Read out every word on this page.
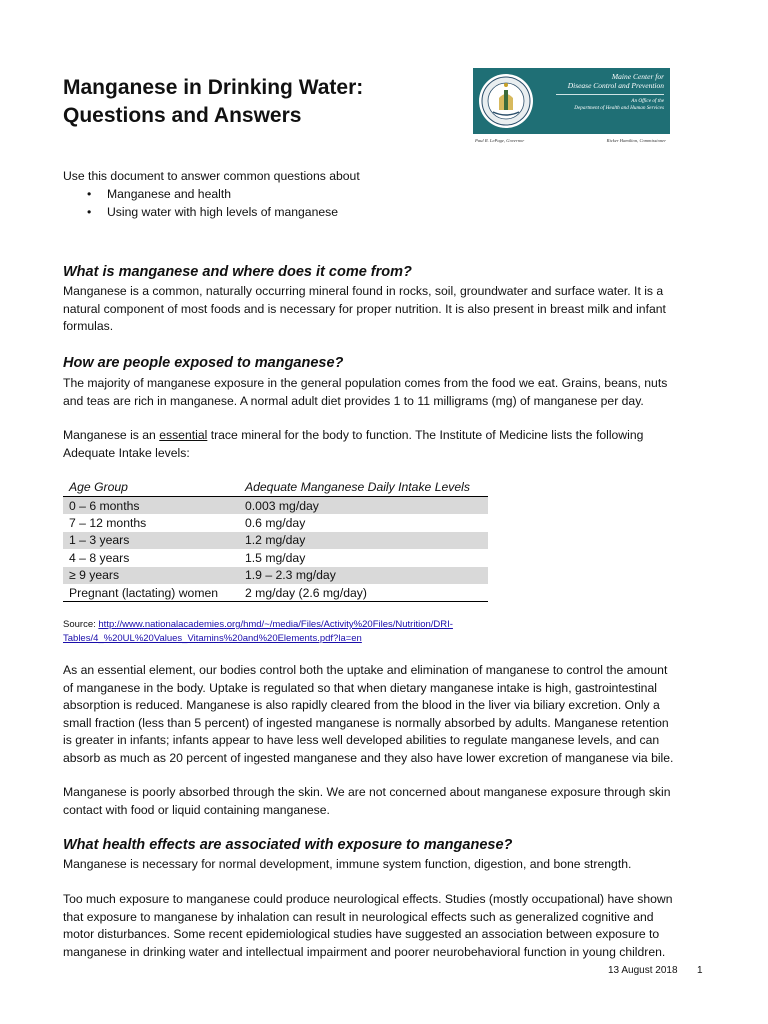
Manganese in Drinking Water:
Questions and Answers
Maine Center for
Disease Control and Prevention
An Office of the
Department of Health and Human Services
Paul R. LePage, Governor	Ricker Hamilton, Commissioner

Use this document to answer common questions about

• Manganese and health
• Using water with high levels of manganese
What is manganese and where does it come from?
Manganese is a common, naturally occurring mineral found in rocks, soil, groundwater and surface water. It is a
natural component of most foods and is necessary for proper nutrition. It is also present in breast milk and infant
formulas.
How are people exposed to manganese?
The majority of manganese exposure in the general population comes from the food we eat. Grains, beans, nuts
and teas are rich in manganese. A normal adult diet provides 1 to 11 milligrams (mg) of manganese per day.
Manganese is an essential trace mineral for the body to function. The Institute of Medicine lists the following
Adequate Intake levels:
Age Group	Adequate Manganese Daily Intake Levels
0 – 6 months	0.003 mg/day
7 – 12 months	0.6 mg/day
1 – 3 years	1.2 mg/day
4 – 8 years	1.5 mg/day
≥ 9 years	1.9 – 2.3 mg/day
Pregnant (lactating) women	2 mg/day (2.6 mg/day)
Source: http://www.nationalacademies.org/hmd/~/media/Files/Activity%20Files/Nutrition/DRI-
Tables/4_%20UL%20Values_Vitamins%20and%20Elements.pdf?la=en
As an essential element, our bodies control both the uptake and elimination of manganese to control the amount
of manganese in the body. Uptake is regulated so that when dietary manganese intake is high, gastrointestinal
absorption is reduced. Manganese is also rapidly cleared from the blood in the liver via biliary excretion. Only a
small fraction (less than 5 percent) of ingested manganese is normally absorbed by adults. Manganese retention
is greater in infants; infants appear to have less well developed abilities to regulate manganese levels, and can
absorb as much as 20 percent of ingested manganese and they also have lower excretion of manganese via bile.
Manganese is poorly absorbed through the skin. We are not concerned about manganese exposure through skin
contact with food or liquid containing manganese.
What health effects are associated with exposure to manganese?
Manganese is necessary for normal development, immune system function, digestion, and bone strength.
Too much exposure to manganese could produce neurological effects. Studies (mostly occupational) have shown
that exposure to manganese by inhalation can result in neurological effects such as generalized cognitive and
motor disturbances. Some recent epidemiological studies have suggested an association between exposure to
manganese in drinking water and intellectual impairment and poorer neurobehavioral function in young children.
13 August 2018 1
